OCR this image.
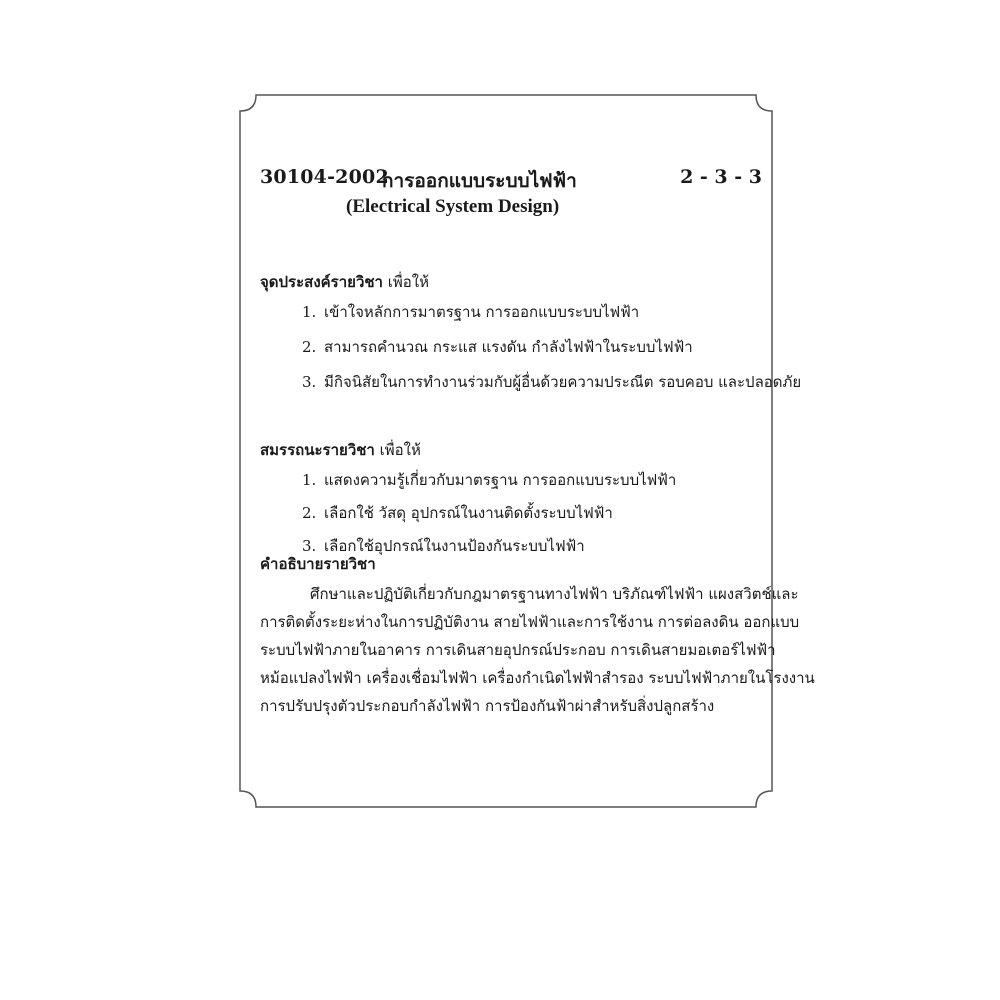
30104-2002
การออกแบบระบบไฟฟ้า	2 - 3 - 3
(Electrical System Design)
จุดประสงค์รายวิชา เพื่อให้
1. เข้าใจหลักการมาตรฐาน การออกแบบระบบไฟฟ้า
2. สามารถคำนวณ กระแส แรงดัน กำลังไฟฟ้าในระบบไฟฟ้า
3. มีกิจนิสัยในการทำงานร่วมกับผู้อื่นด้วยความประณีต รอบคอบ และปลอดภัย
สมรรถนะรายวิชา เพื่อให้
1. แสดงความรู้เกี่ยวกับมาตรฐาน การออกแบบระบบไฟฟ้า
2. เลือกใช้ วัสดุ อุปกรณ์ในงานติดตั้งระบบไฟฟ้า
3. เลือกใช้อุปกรณ์ในงานป้องกันระบบไฟฟ้า
คำอธิบายรายวิชา
ศึกษาและปฏิบัติเกี่ยวกับกฎมาตรฐานทางไฟฟ้า บริภัณฑ์ไฟฟ้า แผงสวิตช์และ
การติดตั้งระยะห่างในการปฏิบัติงาน สายไฟฟ้าและการใช้งาน การต่อลงดิน ออกแบบ
ระบบไฟฟ้าภายในอาคาร การเดินสายอุปกรณ์ประกอบ การเดินสายมอเตอร์ไฟฟ้า
หม้อแปลงไฟฟ้า เครื่องเชื่อมไฟฟ้า เครื่องกำเนิดไฟฟ้าสำรอง ระบบไฟฟ้าภายในโรงงาน
การปรับปรุงตัวประกอบกำลังไฟฟ้า การป้องกันฟ้าผ่าสำหรับสิ่งปลูกสร้าง
